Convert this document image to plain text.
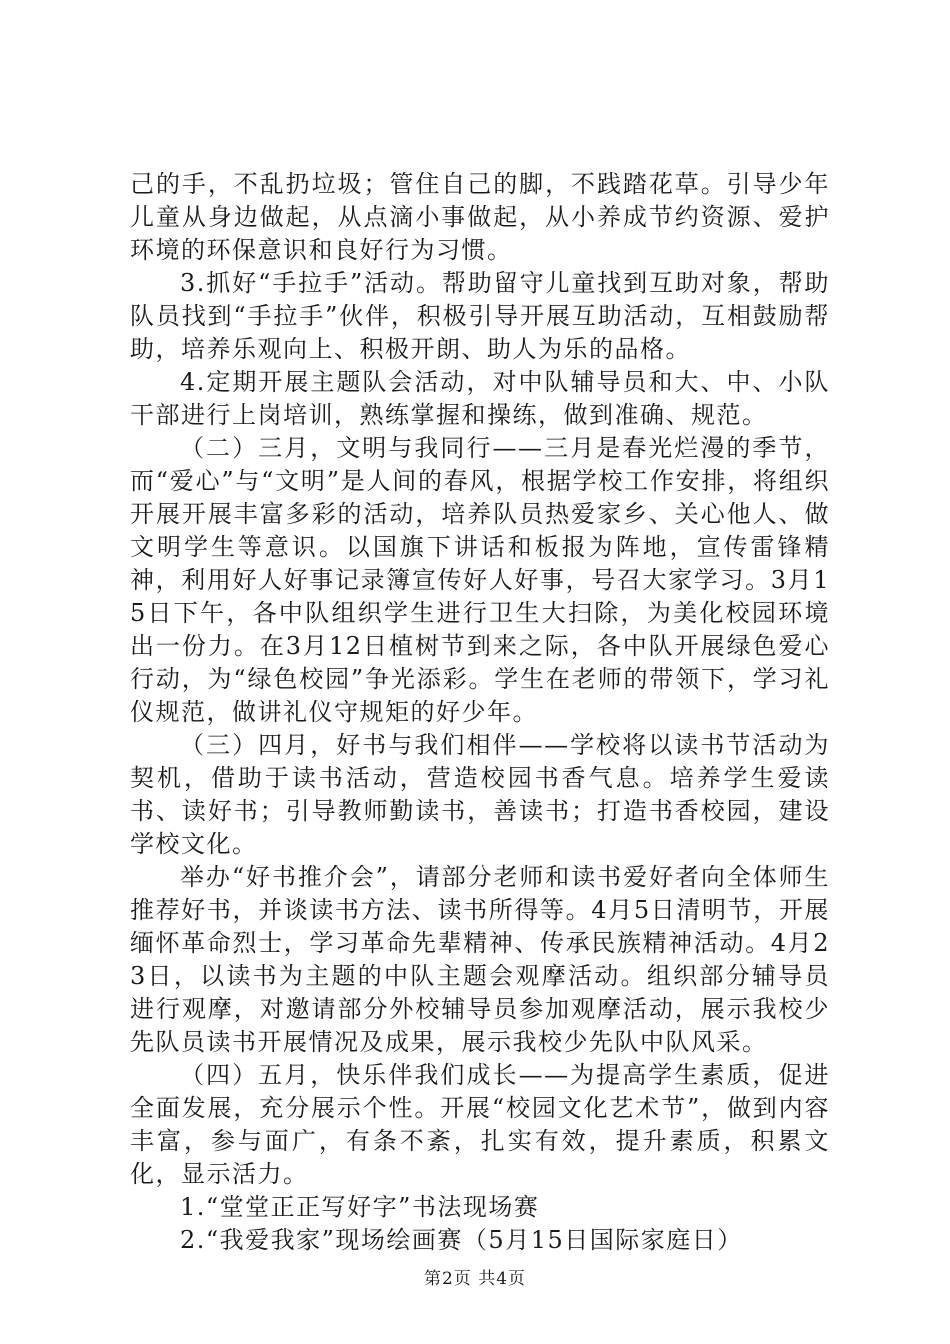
己的手，不乱扔垃圾；管住自己的脚，不践踏花草。引导少年儿童从身边做起，从点滴小事做起，从小养成节约资源、爱护环境的环保意识和良好行为习惯。

3.抓好“手拉手”活动。帮助留守儿童找到互助对象，帮助队员找到“手拉手”伙伴，积极引导开展互助活动，互相鼓励帮助，培养乐观向上、积极开朗、助人为乐的品格。

4.定期开展主题队会活动，对中队辅导员和大、中、小队干部进行上岗培训，熟练掌握和操练，做到准确、规范。

（二）三月，文明与我同行——三月是春光烂漫的季节，而“爱心”与“文明”是人间的春风，根据学校工作安排，将组织开展开展丰富多彩的活动，培养队员热爱家乡、关心他人、做文明学生等意识。以国旗下讲话和板报为阵地，宣传雷锋精神，利用好人好事记录簿宣传好人好事，号召大家学习。3月15日下午，各中队组织学生进行卫生大扫除，为美化校园环境出一份力。在3月12日植树节到来之际，各中队开展绿色爱心行动，为“绿色校园”争光添彩。学生在老师的带领下，学习礼仪规范，做讲礼仪守规矩的好少年。

（三）四月，好书与我们相伴——学校将以读书节活动为契机，借助于读书活动，营造校园书香气息。培养学生爱读书、读好书；引导教师勤读书，善读书；打造书香校园，建设学校文化。

举办“好书推介会”，请部分老师和读书爱好者向全体师生推荐好书，并谈读书方法、读书所得等。4月5日清明节，开展缅怀革命烈士，学习革命先辈精神、传承民族精神活动。4月23日，以读书为主题的中队主题会观摩活动。组织部分辅导员进行观摩，对邀请部分外校辅导员参加观摩活动，展示我校少先队员读书开展情况及成果，展示我校少先队中队风采。

（四）五月，快乐伴我们成长——为提高学生素质，促进全面发展，充分展示个性。开展“校园文化艺术节”，做到内容丰富，参与面广，有条不紊，扎实有效，提升素质，积累文化，显示活力。

1.“堂堂正正写好字”书法现场赛

2.“我爱我家”现场绘画赛（5月15日国际家庭日）

第2页 共4页
